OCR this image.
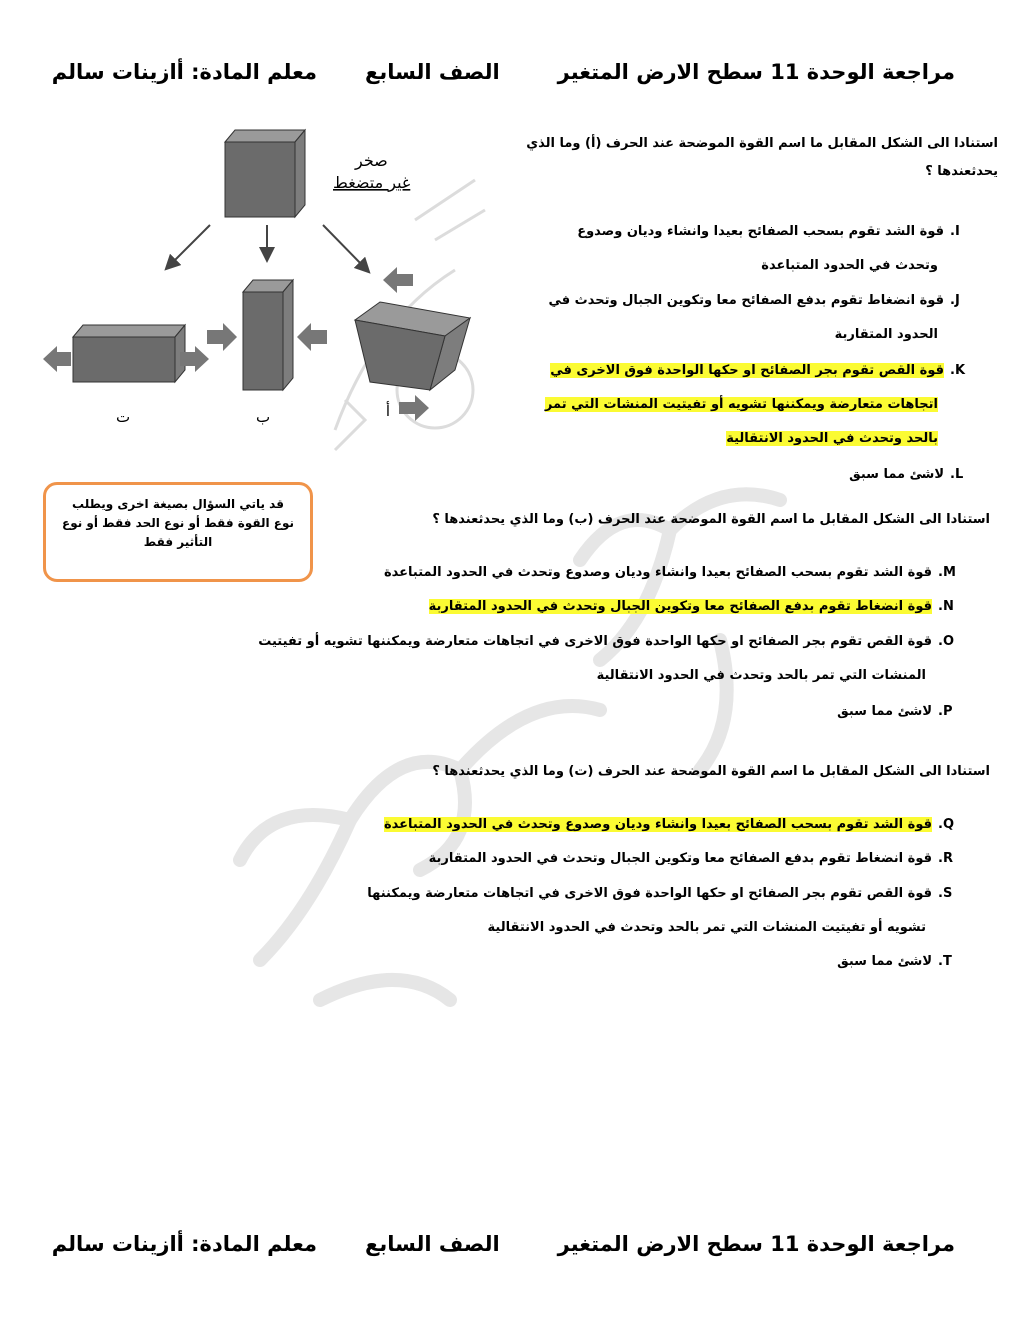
مراجعة الوحدة 11 سطح الارض المتغير
الصف السابع
معلم المادة: أازينات سالم
صخر
غير متضغط
ت	ب	أ
قد ياتي السؤال بصيغة اخرى ويطلب نوع القوة فقط أو نوع الحد فقط أو نوع التأثير فقط
استنادا الى الشكل المقابل ما اسم القوة الموضحة عند الحرف (أ) وما الذي
يحدثعندها ؟
I.قوة الشد تقوم بسحب الصفائح بعيدا وانشاء وديان وصدوع
وتحدث في الحدود المتباعدة
J.قوة انضغاط تقوم بدفع الصفائح معا وتكوين الجبال وتحدث في
الحدود المتقاربة
K.قوة القص تقوم بجر الصفائح او حكها الواحدة فوق الاخرى في
اتجاهات متعارضة ويمكننها تشويه أو تفيتيت المنشات التي تمر
بالحد وتحدث في الحدود الانتقالية
L.لاشئ مما سبق
استنادا الى الشكل المقابل ما اسم القوة الموضحة عند الحرف (ب) وما الذي يحدثعندها ؟
M.قوة الشد تقوم بسحب الصفائح بعيدا وانشاء وديان وصدوع وتحدث في الحدود المتباعدة
N.قوة انضغاط تقوم بدفع الصفائح معا وتكوين الجبال وتحدث في الحدود المتقاربة
O.قوة القص تقوم بجر الصفائح او حكها الواحدة فوق الاخرى في اتجاهات متعارضة ويمكننها تشويه أو تفيتيت
المنشات التي تمر بالحد وتحدث في الحدود الانتقالية
P.لاشئ مما سبق
استنادا الى الشكل المقابل ما اسم القوة الموضحة عند الحرف (ت) وما الذي يحدثعندها ؟
Q.قوة الشد تقوم بسحب الصفائح بعيدا وانشاء وديان وصدوع وتحدث في الحدود المتباعدة
R.قوة انضغاط تقوم بدفع الصفائح معا وتكوين الجبال وتحدث في الحدود المتقاربة
S.قوة القص تقوم بجر الصفائح او حكها الواحدة فوق الاخرى في اتجاهات متعارضة ويمكننها
تشويه أو تفيتيت المنشات التي تمر بالحد وتحدث في الحدود الانتقالية
T.لاشئ مما سبق
مراجعة الوحدة 11 سطح الارض المتغير
الصف السابع
معلم المادة: أازينات سالم
